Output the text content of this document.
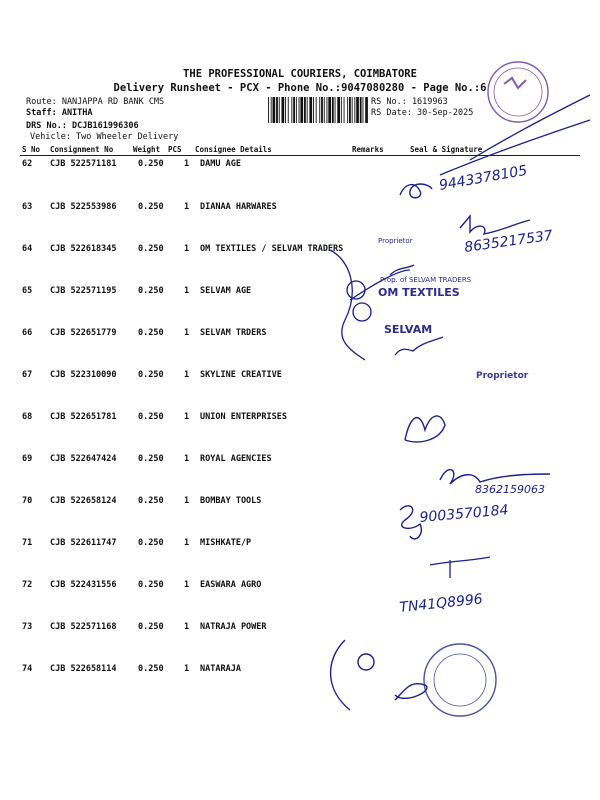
THE PROFESSIONAL COURIERS, COIMBATORE
Delivery Runsheet - PCX - Phone No.:9047080280 - Page No.:6
Route: NANJAPPA RD BANK CMS
Staff: ANITHA
DRS No.: DCJB161996306
Vehicle: Two Wheeler Delivery
RS No.: 1619963
RS Date: 30-Sep-2025
S No Consignment No	Weight PCS Consignee Details	Remarks	Seal & Signature
62 CJB 522571181	0.250 1 DAMU AGE
63 CJB 522553986	0.250 1 DIANAA HARWARES
64 CJB 522618345	0.250 1 OM TEXTILES / SELVAM TRADERS
65 CJB 522571195	0.250 1 SELVAM AGE
66 CJB 522651779	0.250 1 SELVAM TRDERS
67 CJB 522310090	0.250 1 SKYLINE CREATIVE
68 CJB 522651781	0.250 1 UNION ENTERPRISES
69 CJB 522647424	0.250 1 ROYAL AGENCIES
70 CJB 522658124	0.250 1 BOMBAY TOOLS
71 CJB 522611747	0.250 1 MISHKATE/P
72 CJB 522431556	0.250 1 EASWARA AGRO
73 CJB 522571168	0.250 1 NATRAJA POWER
74 CJB 522658114	0.250 1 NATARAJA
9443378105
8635217537
Proprietor
OM TEXTILES
Prop. of SELVAM TRADERS
SELVAM
Proprietor
8362159063
9003570184
TN41Q8996
